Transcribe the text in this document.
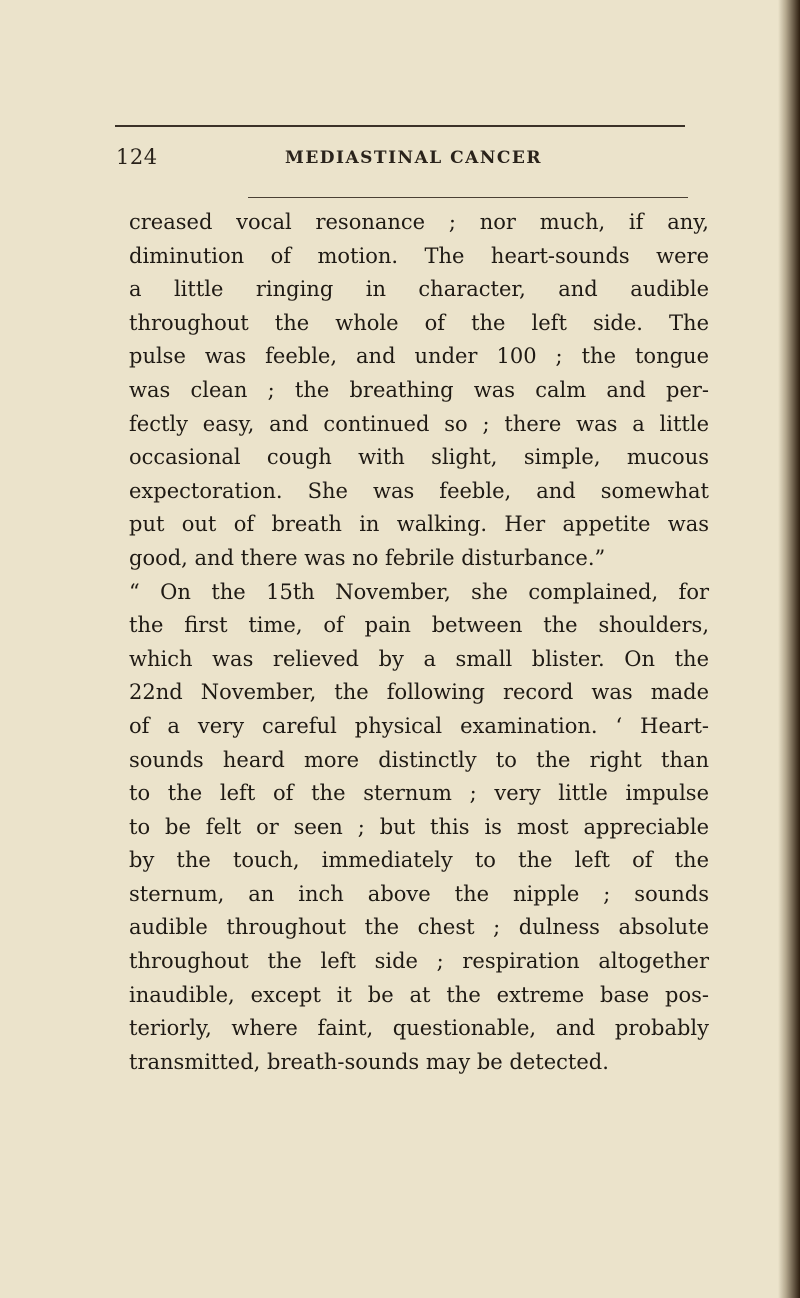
124	MEDIASTINAL CANCER
creased vocal resonance ; nor much, if any,
diminution of motion. The heart-sounds were
a little ringing in character, and audible
throughout the whole of the left side. The
pulse was feeble, and under 100 ; the tongue
was clean ; the breathing was calm and per-
fectly easy, and continued so ; there was a little
occasional cough with slight, simple, mucous
expectoration. She was feeble, and somewhat
put out of breath in walking. Her appetite was
good, and there was no febrile disturbance.”
“ On the 15th November, she complained, for
the first time, of pain between the shoulders,
which was relieved by a small blister. On the
22nd November, the following record was made
of a very careful physical examination. ‘ Heart-
sounds heard more distinctly to the right than
to the left of the sternum ; very little impulse
to be felt or seen ; but this is most appreciable
by the touch, immediately to the left of the
sternum, an inch above the nipple ; sounds
audible throughout the chest ; dulness absolute
throughout the left side ; respiration altogether
inaudible, except it be at the extreme base pos-
teriorly, where faint, questionable, and probably
transmitted, breath-sounds may be detected.
